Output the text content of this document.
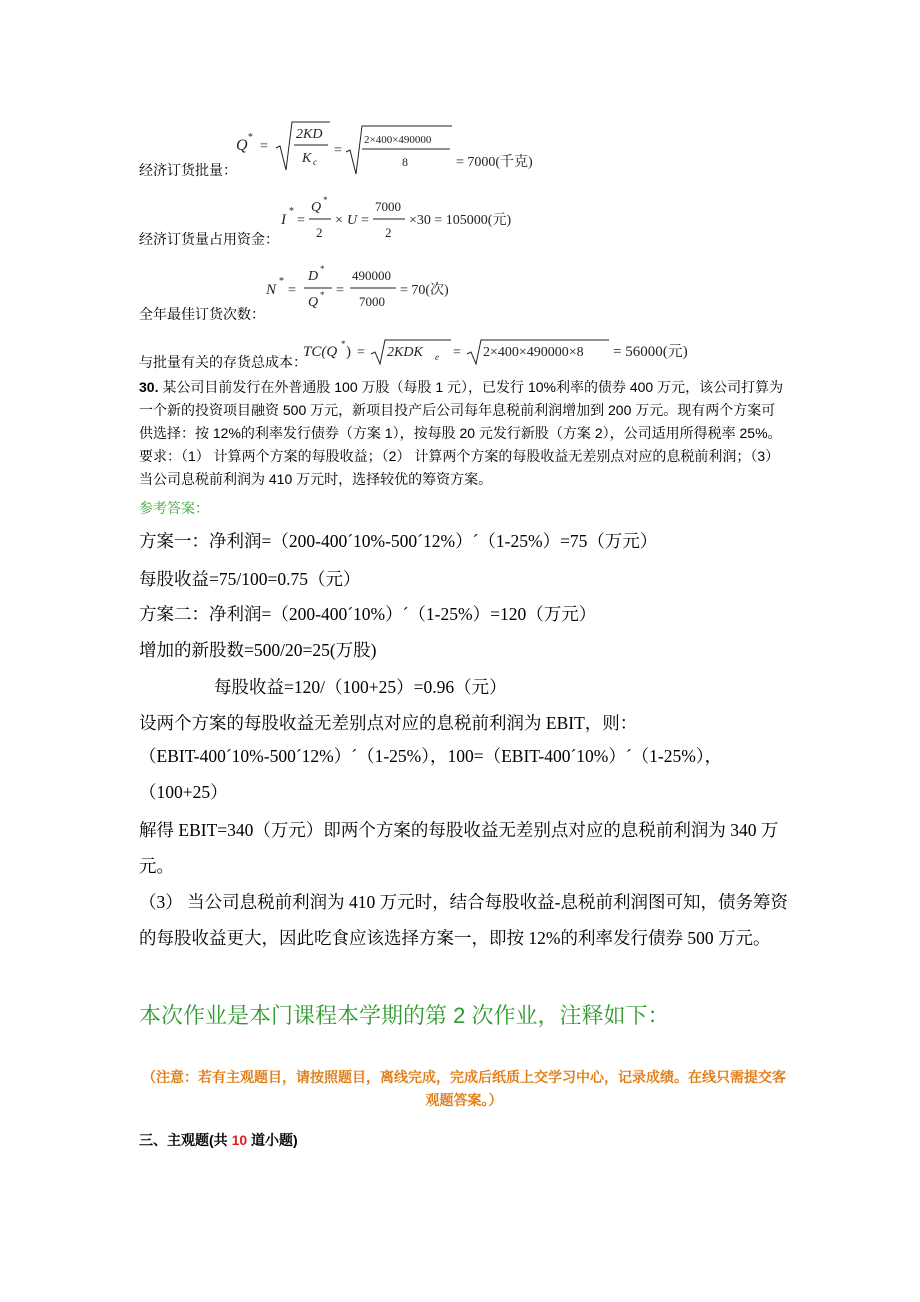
经济订货批量：
Q *
=
2KD
K c
=
2×400×490000
8	= 7000(千克)
经济订货量占用资金：
I
*
=
Q *
2
× U =
7000
2
×30 = 105000(元)
全年最佳订货次数：
N
*
=
D *
Q * =
490000
7000
= 70(次)
与批量有关的存货总成本：
TC(Q * ) = 2KDK e = 2×400×490000×8 = 56000(元)
30. 某公司目前发行在外普通股 100 万股（每股 1 元），已发行 10%利率的债券 400 万元，该公司打算为一个新的投资项目融资 500 万元，新项目投产后公司每年息税前利润增加到 200 万元。现有两个方案可供选择：按 12%的利率发行债券（方案 1），按每股 20 元发行新股（方案 2），公司适用所得税率 25%。 要求：（1） 计算两个方案的每股收益；（2） 计算两个方案的每股收益无差别点对应的息税前利润；（3） 当公司息税前利润为 410 万元时，选择较优的筹资方案。
参考答案：
方案一：净利润=（200-400´10%-500´12%）´（1-25%）=75（万元）
每股收益=75/100=0.75（元）
方案二：净利润=（200-400´10%）´（1-25%）=120（万元）
增加的新股数=500/20=25(万股)
每股收益=120/（100+25）=0.96（元）
设两个方案的每股收益无差别点对应的息税前利润为 EBIT，则：
（EBIT-400´10%-500´12%）´（1-25%），100=（EBIT-400´10%）´（1-25%），（100+25）
解得 EBIT=340（万元）即两个方案的每股收益无差别点对应的息税前利润为 340 万元。
（3） 当公司息税前利润为 410 万元时，结合每股收益-息税前利润图可知，债务筹资的每股收益更大，因此吃食应该选择方案一，即按 12%的利率发行债券 500 万元。
本次作业是本门课程本学期的第 2 次作业，注释如下：
（注意：若有主观题目，请按照题目，离线完成，完成后纸质上交学习中心，记录成绩。在线只需提交客观题答案。）
三、主观题(共 10 道小题)
